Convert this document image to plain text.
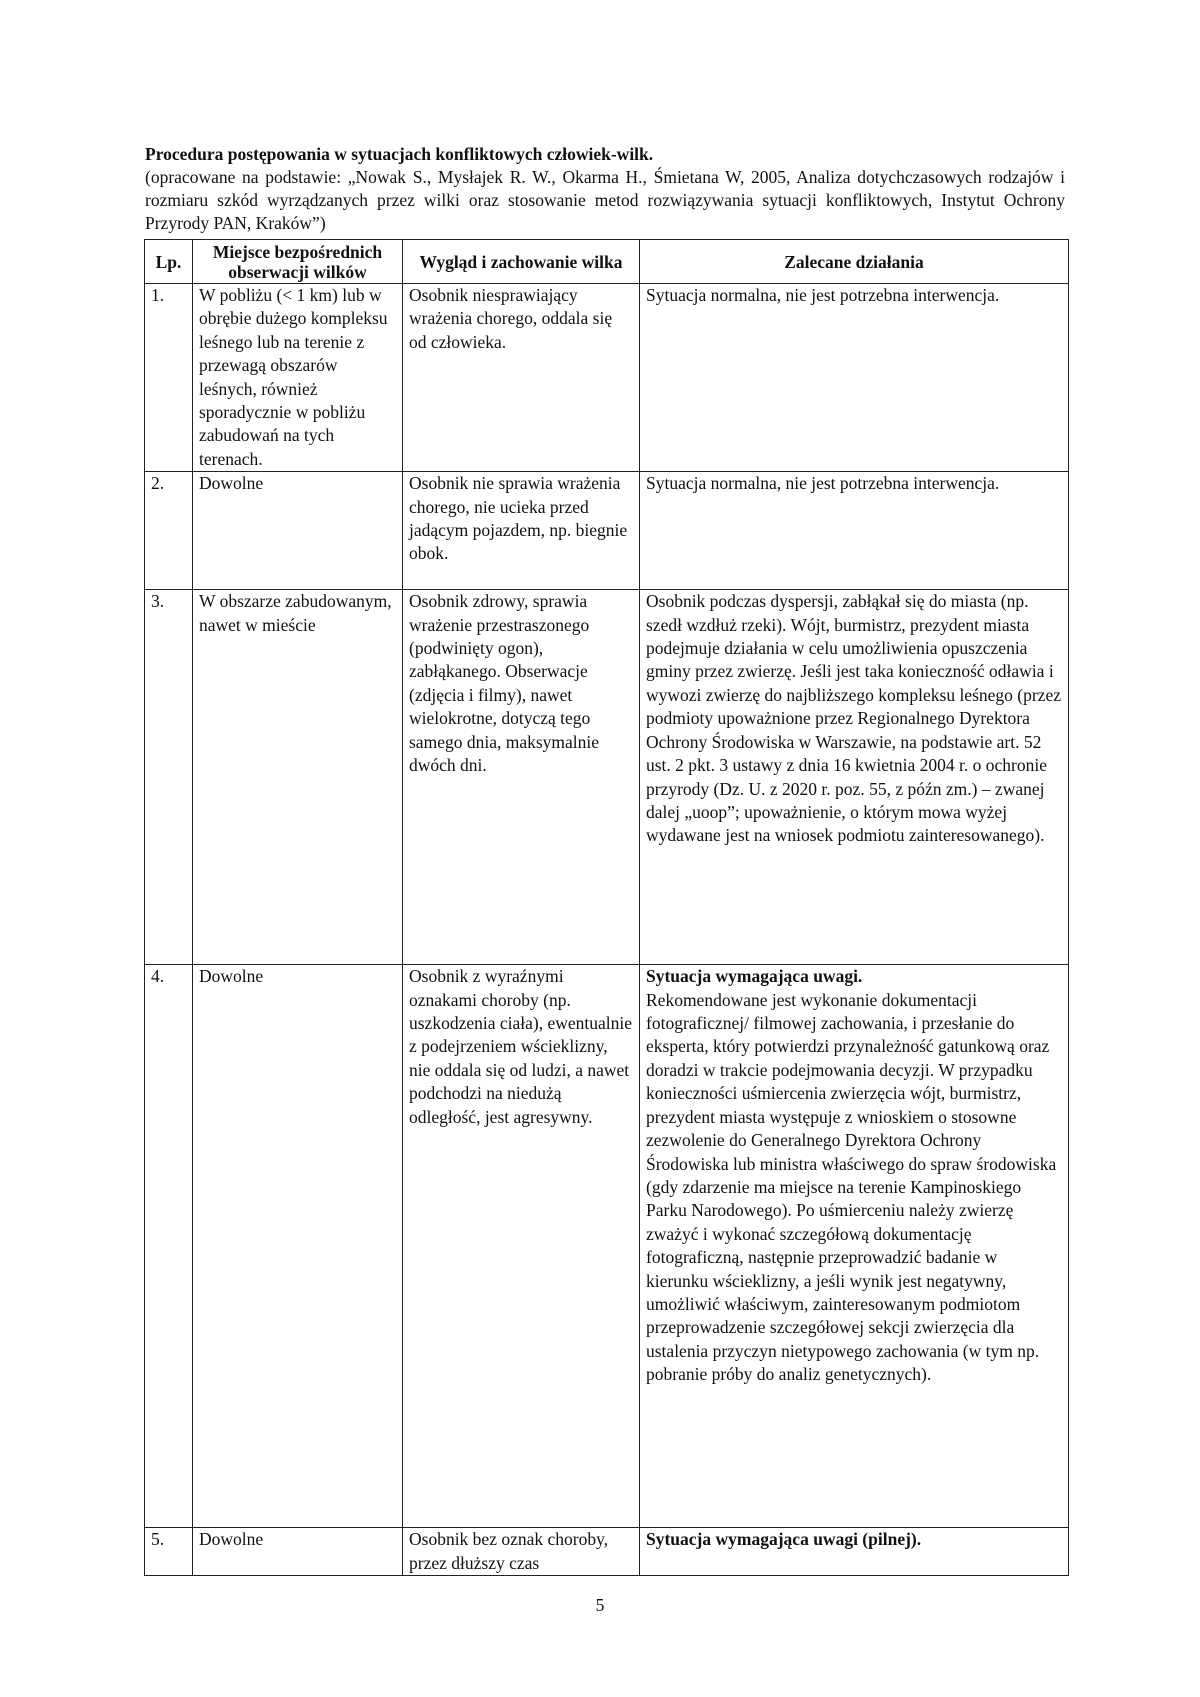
Procedura postępowania w sytuacjach konfliktowych człowiek-wilk.
(opracowane na podstawie: „Nowak S., Mysłajek R. W., Okarma H., Śmietana W, 2005, Analiza dotychczasowych rodzajów i rozmiaru szkód wyrządzanych przez wilki oraz stosowanie metod rozwiązywania sytuacji konfliktowych, Instytut Ochrony Przyrody PAN, Kraków”)
Lp.	Miejsce bezpośrednich obserwacji wilków	Wygląd i zachowanie wilka	Zalecane działania
1.	W pobliżu (< 1 km) lub w obrębie dużego kompleksu leśnego lub na terenie z przewagą obszarów leśnych, również sporadycznie w pobliżu zabudowań na tych terenach.	Osobnik niesprawiający wrażenia chorego, oddala się od człowieka.	Sytuacja normalna, nie jest potrzebna interwencja.
2.	Dowolne	Osobnik nie sprawia wrażenia chorego, nie ucieka przed jadącym pojazdem, np. biegnie obok.	Sytuacja normalna, nie jest potrzebna interwencja.
3.	W obszarze zabudowanym, nawet w mieście	Osobnik zdrowy, sprawia wrażenie przestraszonego (podwinięty ogon), zabłąkanego. Obserwacje (zdjęcia i filmy), nawet wielokrotne, dotyczą tego samego dnia, maksymalnie dwóch dni.	Osobnik podczas dyspersji, zabłąkał się do miasta (np. szedł wzdłuż rzeki). Wójt, burmistrz, prezydent miasta podejmuje działania w celu umożliwienia opuszczenia gminy przez zwierzę. Jeśli jest taka konieczność odławia i wywozi zwierzę do najbliższego kompleksu leśnego (przez podmioty upoważnione przez Regionalnego Dyrektora Ochrony Środowiska w Warszawie, na podstawie art. 52 ust. 2 pkt. 3 ustawy z dnia 16 kwietnia 2004 r. o ochronie przyrody (Dz. U. z 2020 r. poz. 55, z późn zm.) – zwanej dalej „uoop”; upoważnienie, o którym mowa wyżej wydawane jest na wniosek podmiotu zainteresowanego).
4.	Dowolne	Osobnik z wyraźnymi oznakami choroby (np. uszkodzenia ciała), ewentualnie z podejrzeniem wścieklizny, nie oddala się od ludzi, a nawet podchodzi na niedużą odległość, jest agresywny.	Sytuacja wymagająca uwagi.
Rekomendowane jest wykonanie dokumentacji fotograficznej/ filmowej zachowania, i przesłanie do eksperta, który potwierdzi przynależność gatunkową oraz doradzi w trakcie podejmowania decyzji. W przypadku konieczności uśmiercenia zwierzęcia wójt, burmistrz, prezydent miasta występuje z wnioskiem o stosowne zezwolenie do Generalnego Dyrektora Ochrony Środowiska lub ministra właściwego do spraw środowiska (gdy zdarzenie ma miejsce na terenie Kampinoskiego Parku Narodowego). Po uśmierceniu należy zwierzę zważyć i wykonać szczegółową dokumentację fotograficzną, następnie przeprowadzić badanie w kierunku wścieklizny, a jeśli wynik jest negatywny, umożliwić właściwym, zainteresowanym podmiotom przeprowadzenie szczegółowej sekcji zwierzęcia dla ustalenia przyczyn nietypowego zachowania (w tym np. pobranie próby do analiz genetycznych).
5.	Dowolne	Osobnik bez oznak choroby, przez dłuższy czas	Sytuacja wymagająca uwagi (pilnej).
5
